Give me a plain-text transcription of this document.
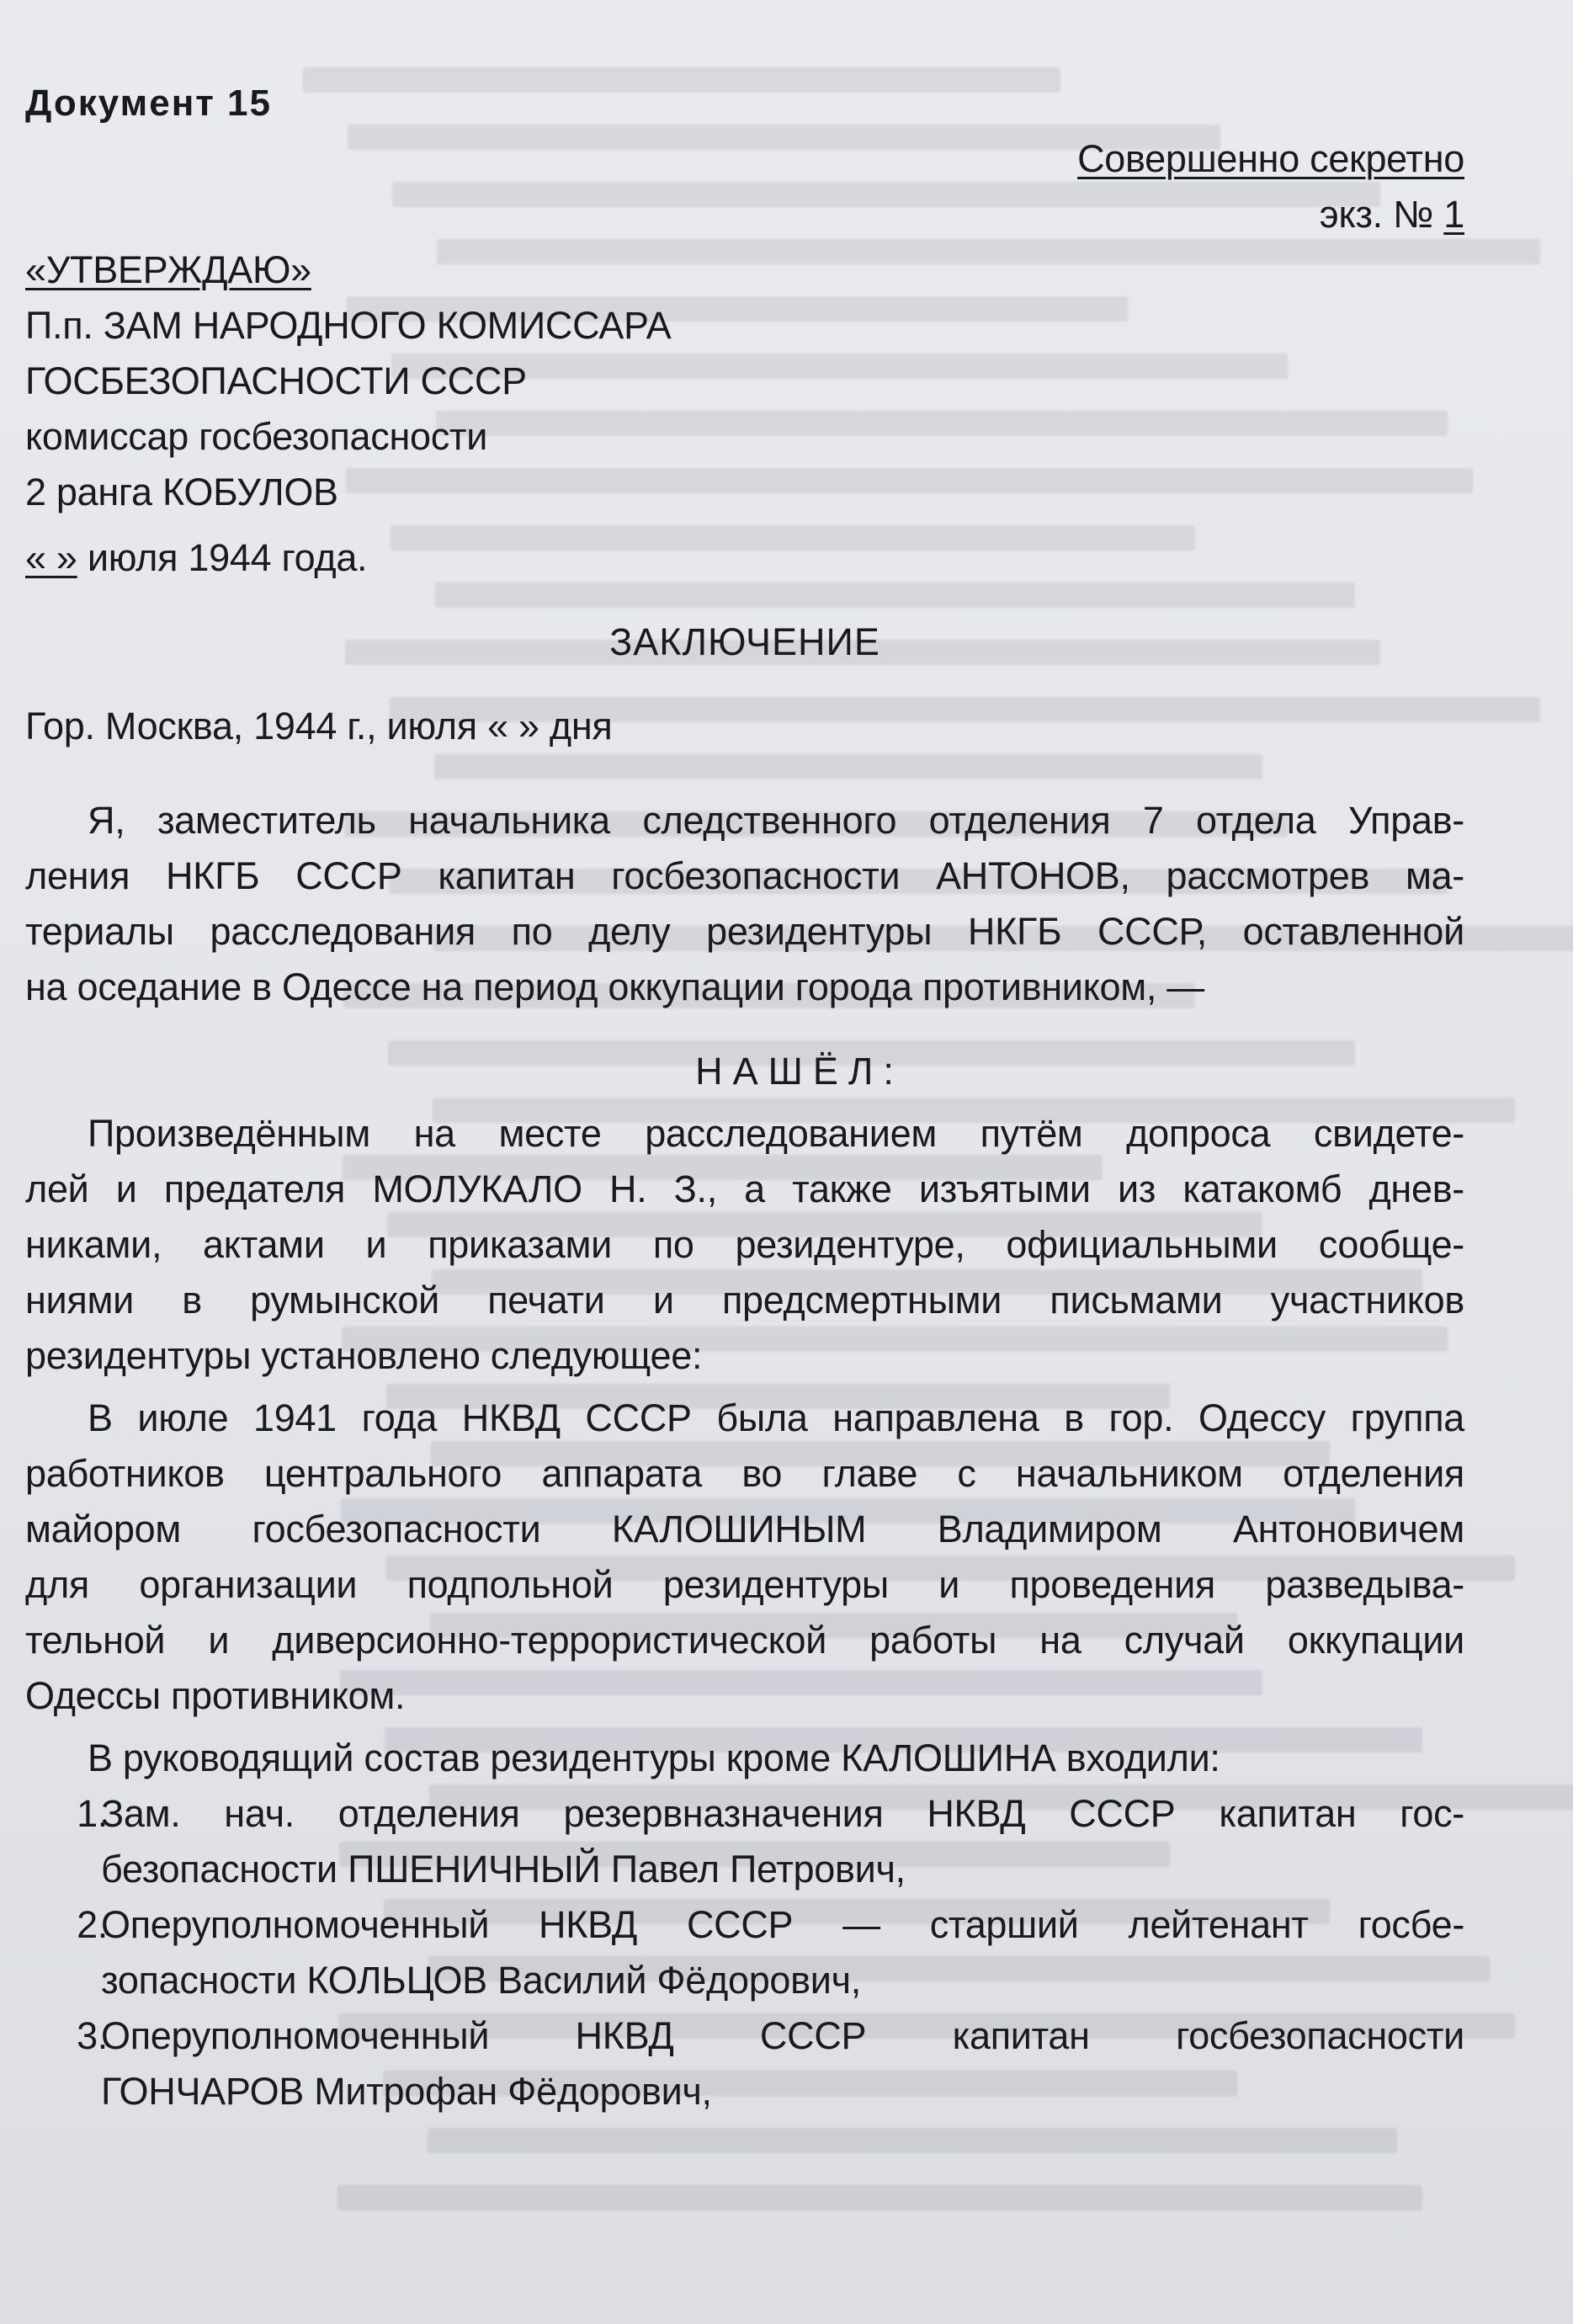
Документ 15
Совершенно секретно
экз. № 1
«УТВЕРЖДАЮ»
П.п. ЗАМ НАРОДНОГО КОМИССАРА
ГОСБЕЗОПАСНОСТИ СССР
комиссар госбезопасности
2 ранга КОБУЛОВ
« » июля 1944 года.
ЗАКЛЮЧЕНИЕ
Гор. Москва, 1944 г., июля « » дня
Я, заместитель начальника следственного отделения 7 отдела Управ-
ления НКГБ СССР капитан госбезопасности АНТОНОВ, рассмотрев ма-
териалы расследования по делу резидентуры НКГБ СССР, оставленной
на оседание в Одессе на период оккупации города противником, —
НАШЁЛ:
Произведённым на месте расследованием путём допроса свидете-
лей и предателя МОЛУКАЛО Н. З., а также изъятыми из катакомб днев-
никами, актами и приказами по резидентуре, официальными сообще-
ниями в румынской печати и предсмертными письмами участников
резидентуры установлено следующее:
В июле 1941 года НКВД СССР была направлена в гор. Одессу группа
работников центрального аппарата во главе с начальником отделения
майором госбезопасности КАЛОШИНЫМ Владимиром Антоновичем
для организации подпольной резидентуры и проведения разведыва-
тельной и диверсионно-террористической работы на случай оккупации
Одессы противником.
В руководящий состав резидентуры кроме КАЛОШИНА входили:
1.
Зам. нач. отделения резервназначения НКВД СССР капитан гос-
безопасности ПШЕНИЧНЫЙ Павел Петрович,
2.
Оперуполномоченный НКВД СССР — старший лейтенант госбе-
зопасности КОЛЬЦОВ Василий Фёдорович,
3.
Оперуполномоченный НКВД СССР капитан госбезопасности
ГОНЧАРОВ Митрофан Фёдорович,
